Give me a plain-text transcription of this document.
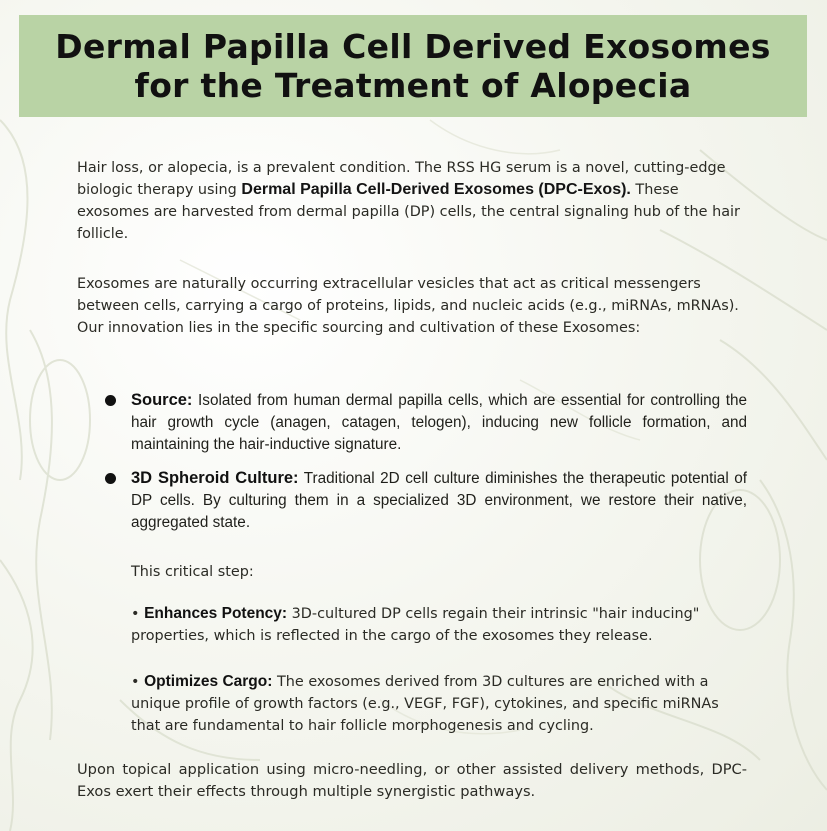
Dermal Papilla Cell Derived Exosomes
for the Treatment of Alopecia

Hair loss, or alopecia, is a prevalent condition. The RSS HG serum is a novel, cutting-edge biologic therapy using Dermal Papilla Cell-Derived Exosomes (DPC-Exos). These exosomes are harvested from dermal papilla (DP) cells, the central signaling hub of the hair follicle.

Exosomes are naturally occurring extracellular vesicles that act as critical messengers between cells, carrying a cargo of proteins, lipids, and nucleic acids (e.g., miRNAs, mRNAs). Our innovation lies in the specific sourcing and cultivation of these Exosomes:

Source: Isolated from human dermal papilla cells, which are essential for controlling the hair growth cycle (anagen, catagen, telogen), inducing new follicle formation, and maintaining the hair-inductive signature.

3D Spheroid Culture: Traditional 2D cell culture diminishes the therapeutic potential of DP cells. By culturing them in a specialized 3D environment, we restore their native, aggregated state.

This critical step:

• Enhances Potency: 3D-cultured DP cells regain their intrinsic "hair inducing" properties, which is reflected in the cargo of the exosomes they release.

• Optimizes Cargo: The exosomes derived from 3D cultures are enriched with a unique profile of growth factors (e.g., VEGF, FGF), cytokines, and specific miRNAs that are fundamental to hair follicle morphogenesis and cycling.

Upon topical application using micro-needling, or other assisted delivery methods, DPC-Exos exert their effects through multiple synergistic pathways.
